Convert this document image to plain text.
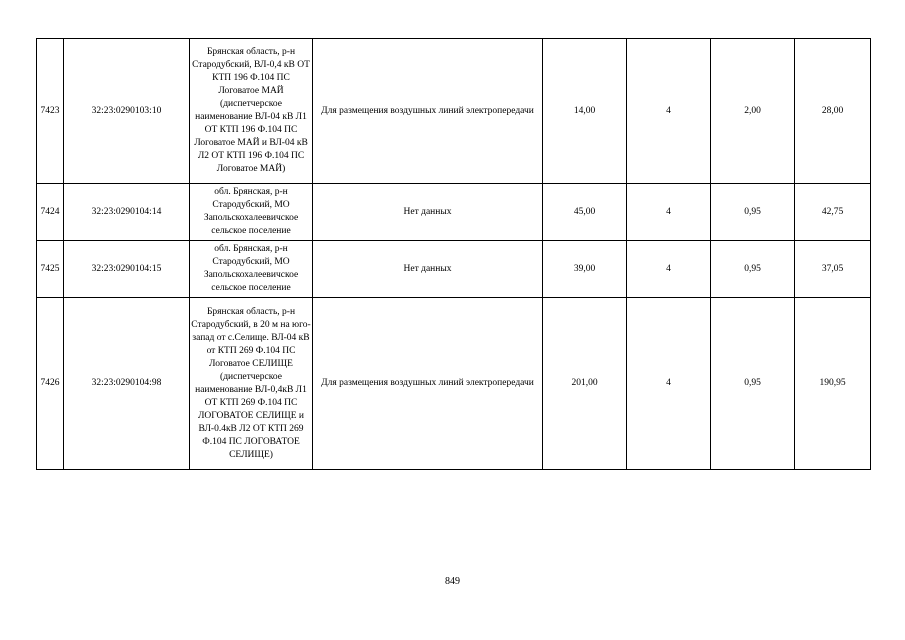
7423	32:23:0290103:10	Брянская область, р-н Стародубский, ВЛ-0,4 кВ ОТ КТП 196 Ф.104 ПС Логоватое МАЙ (диспетчерское наименование ВЛ-04 кВ Л1 ОТ КТП 196 Ф.104 ПС Логоватое МАЙ и ВЛ-04 кВ Л2 ОТ КТП 196 Ф.104 ПС Логоватое МАЙ)	Для размещения воздушных линий электропередачи	14,00	4	2,00	28,00
7424	32:23:0290104:14	обл. Брянская, р-н Стародубский, МО Запольскохалеевичское сельское поселение	Нет данных	45,00	4	0,95	42,75
7425	32:23:0290104:15	обл. Брянская, р-н Стародубский, МО Запольскохалеевичское сельское поселение	Нет данных	39,00	4	0,95	37,05
7426	32:23:0290104:98	Брянская область, р-н Стародубский, в 20 м на юго-запад от с.Селище. ВЛ-04 кВ от КТП 269 Ф.104 ПС Логоватое СЕЛИЩЕ (диспетчерское наименование ВЛ-0,4кВ Л1 ОТ КТП 269 Ф.104 ПС ЛОГОВАТОЕ СЕЛИЩЕ и ВЛ-0.4кВ Л2 ОТ КТП 269 Ф.104 ПС ЛОГОВАТОЕ СЕЛИЩЕ)	Для размещения воздушных линий электропередачи	201,00	4	0,95	190,95
849
